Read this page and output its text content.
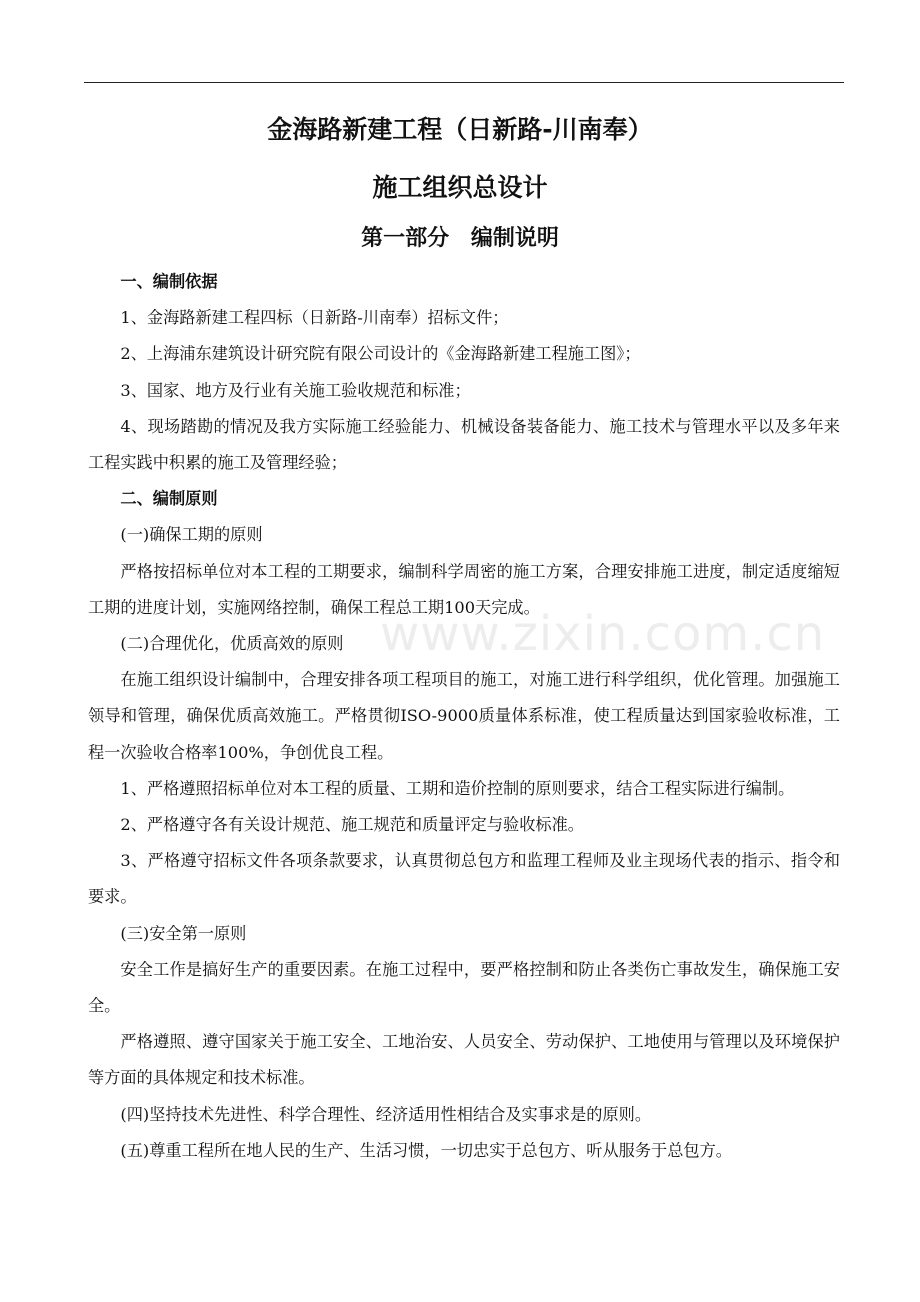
金海路新建工程（日新路-川南奉）
施工组织总设计
第一部分 编制说明

一、编制依据

1、金海路新建工程四标（日新路-川南奉）招标文件；

2、上海浦东建筑设计研究院有限公司设计的《金海路新建工程施工图》；

3、国家、地方及行业有关施工验收规范和标准；

4、现场踏勘的情况及我方实际施工经验能力、机械设备装备能力、施工技术与管理水平以及多年来工程实践中积累的施工及管理经验；

二、编制原则

(一)确保工期的原则

严格按招标单位对本工程的工期要求，编制科学周密的施工方案，合理安排施工进度，制定适度缩短工期的进度计划，实施网络控制，确保工程总工期100天完成。

(二)合理优化，优质高效的原则

在施工组织设计编制中，合理安排各项工程项目的施工，对施工进行科学组织，优化管理。加强施工领导和管理，确保优质高效施工。严格贯彻ISO-9000质量体系标准，使工程质量达到国家验收标准，工程一次验收合格率100%，争创优良工程。

1、严格遵照招标单位对本工程的质量、工期和造价控制的原则要求，结合工程实际进行编制。

2、严格遵守各有关设计规范、施工规范和质量评定与验收标准。

3、严格遵守招标文件各项条款要求，认真贯彻总包方和监理工程师及业主现场代表的指示、指令和要求。

(三)安全第一原则

安全工作是搞好生产的重要因素。在施工过程中，要严格控制和防止各类伤亡事故发生，确保施工安全。

严格遵照、遵守国家关于施工安全、工地治安、人员安全、劳动保护、工地使用与管理以及环境保护等方面的具体规定和技术标准。

(四)坚持技术先进性、科学合理性、经济适用性相结合及实事求是的原则。

(五)尊重工程所在地人民的生产、生活习惯，一切忠实于总包方、听从服务于总包方。

www.zixin.com.cn
